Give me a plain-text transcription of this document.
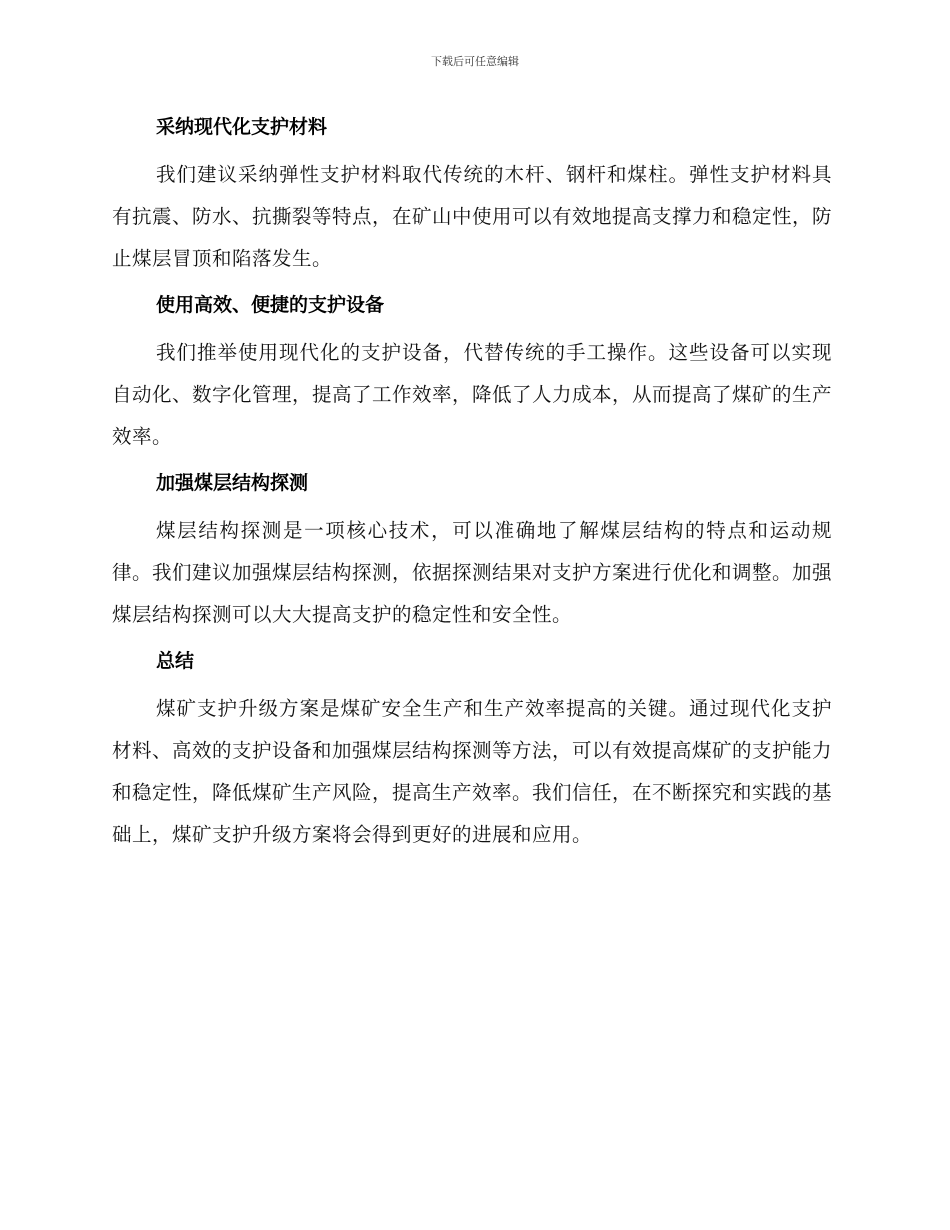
下载后可任意编辑
采纳现代化支护材料

我们建议采纳弹性支护材料取代传统的木杆、钢杆和煤柱。弹性支护材料具有抗震、防水、抗撕裂等特点，在矿山中使用可以有效地提高支撑力和稳定性，防止煤层冒顶和陷落发生。

使用高效、便捷的支护设备

我们推举使用现代化的支护设备，代替传统的手工操作。这些设备可以实现自动化、数字化管理，提高了工作效率，降低了人力成本，从而提高了煤矿的生产效率。

加强煤层结构探测

煤层结构探测是一项核心技术，可以准确地了解煤层结构的特点和运动规律。我们建议加强煤层结构探测，依据探测结果对支护方案进行优化和调整。加强煤层结构探测可以大大提高支护的稳定性和安全性。

总结

煤矿支护升级方案是煤矿安全生产和生产效率提高的关键。通过现代化支护材料、高效的支护设备和加强煤层结构探测等方法，可以有效提高煤矿的支护能力和稳定性，降低煤矿生产风险，提高生产效率。我们信任，在不断探究和实践的基础上，煤矿支护升级方案将会得到更好的进展和应用。
